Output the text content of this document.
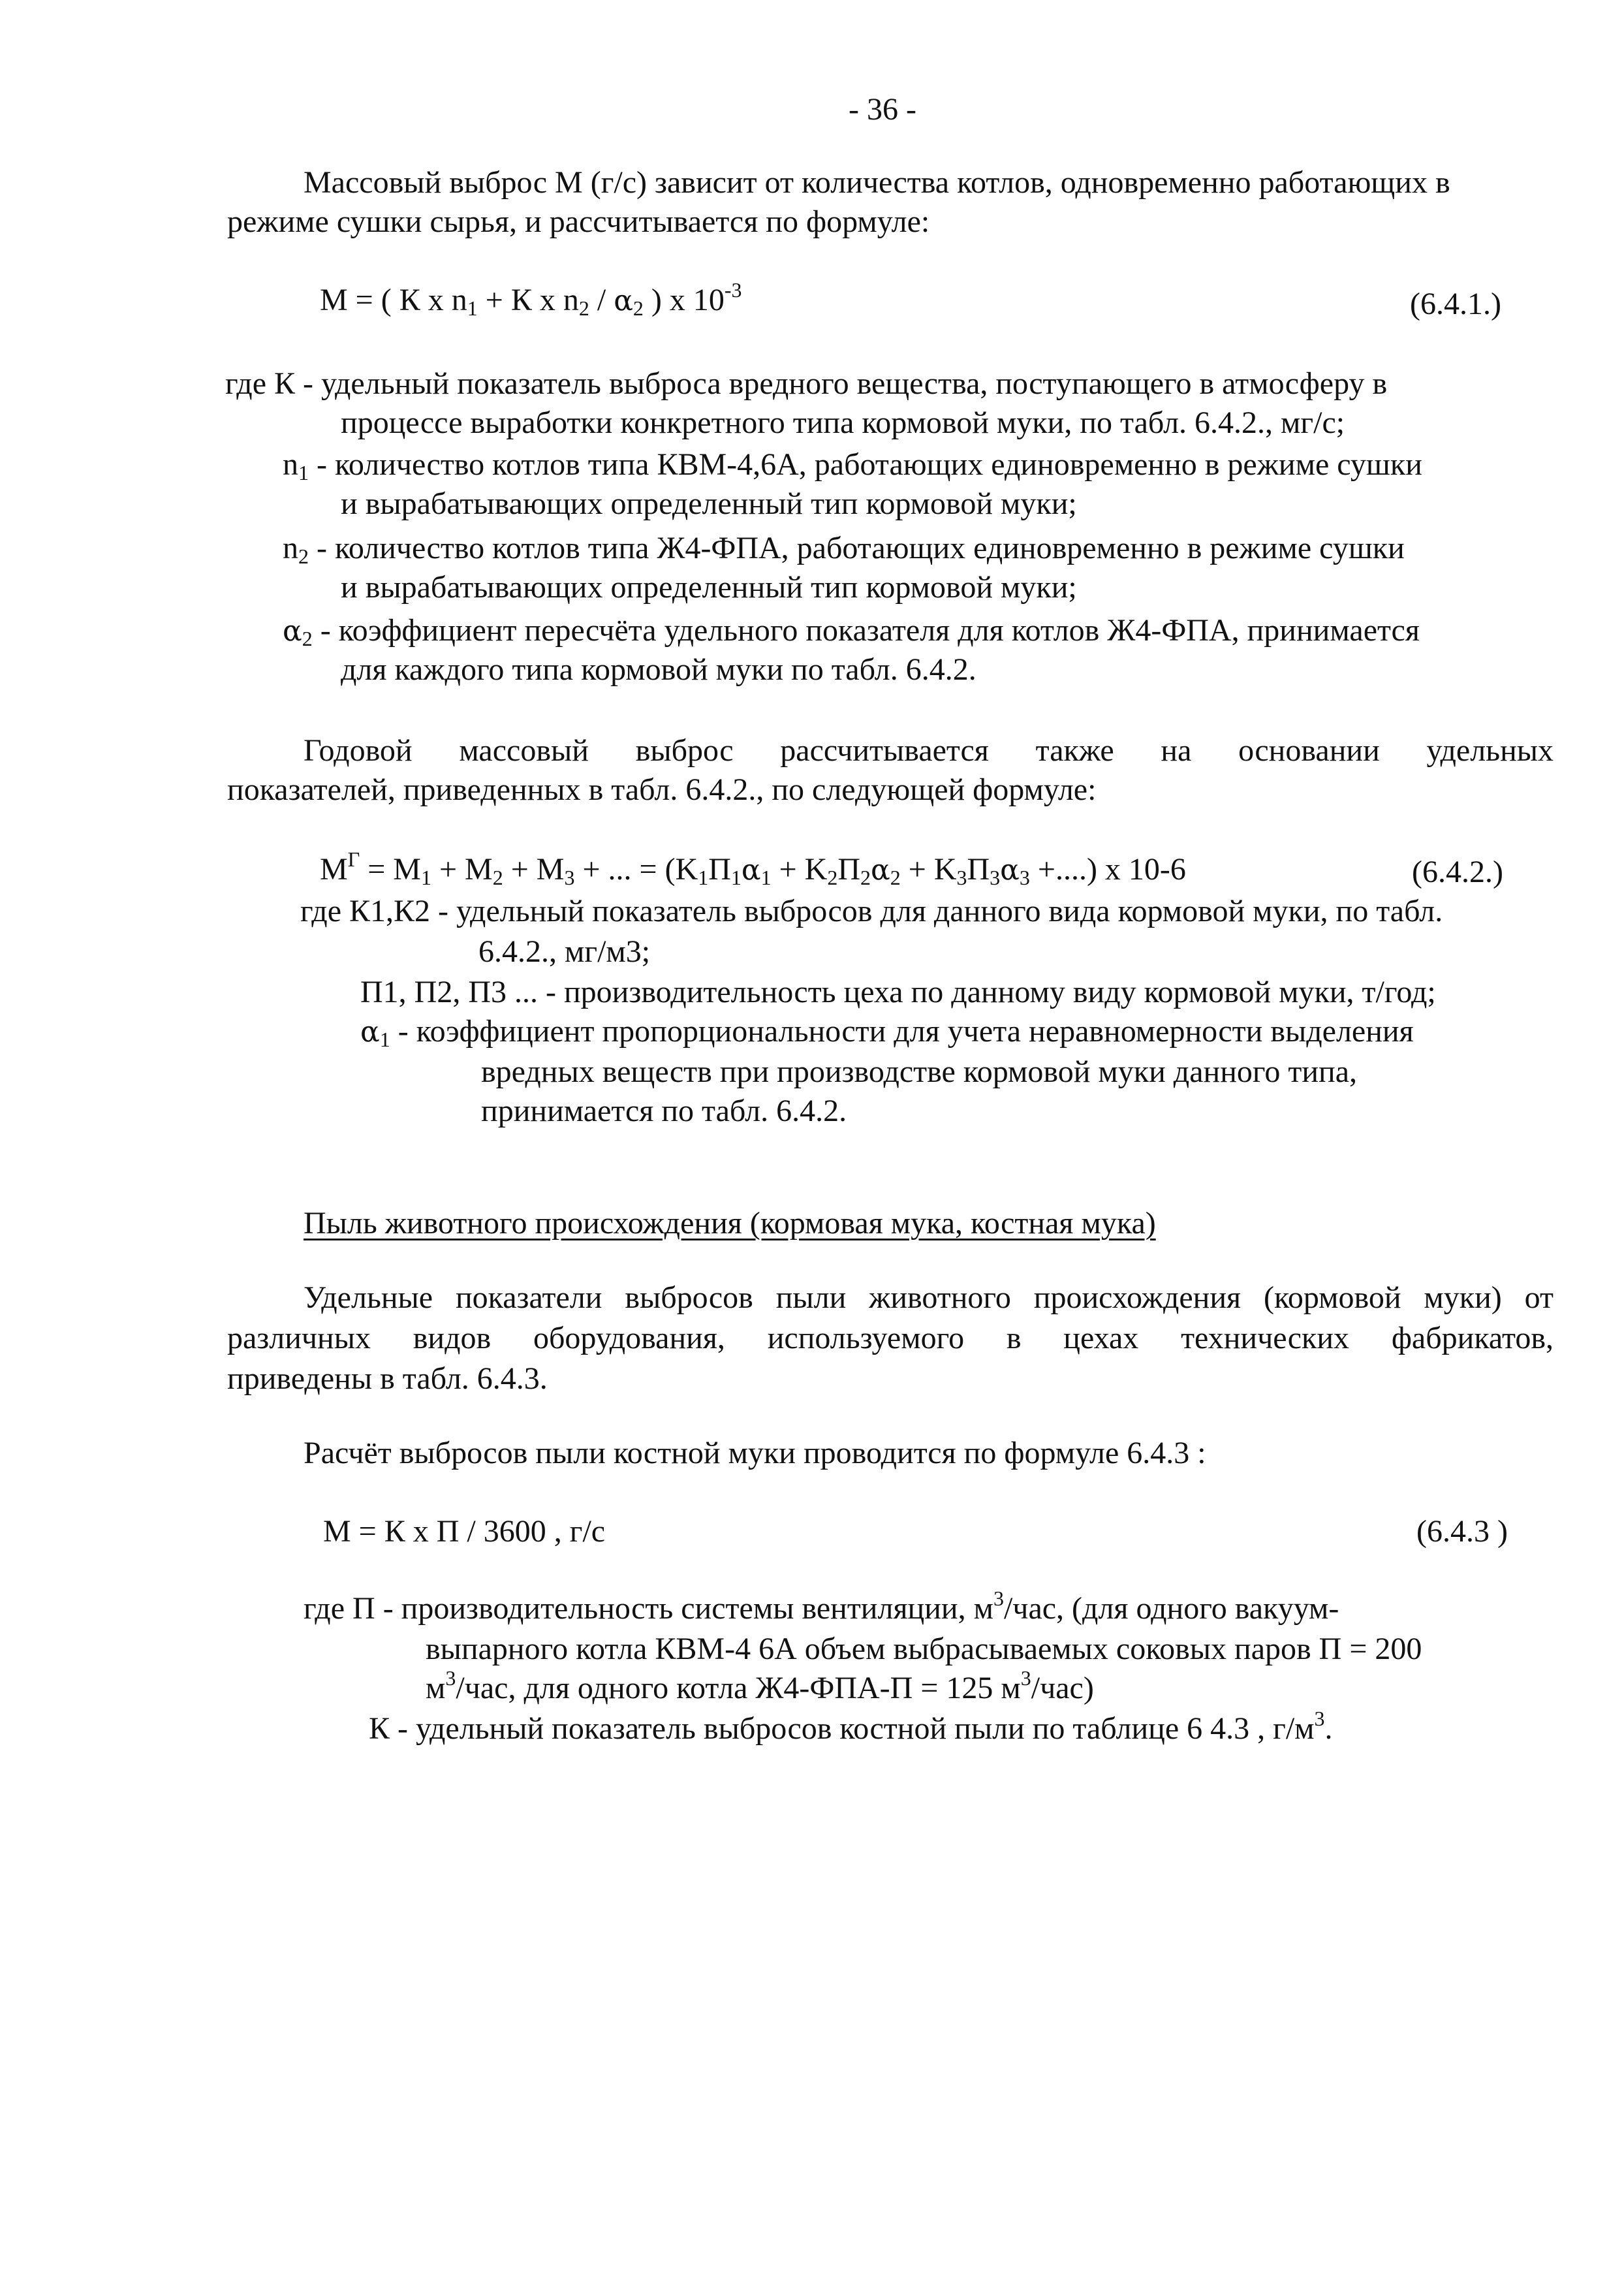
- 36 -
Массовый выброс М (г/с) зависит от количества котлов, одновременно работающих в
режиме сушки сырья, и рассчитывается по формуле:
М = ( К х $n_1 + К$ х $n_2 / \alpha_2$ ) х $10^{-3}$	(6.4.1.)
где К - удельный показатель выброса вредного вещества, поступающего в атмосферу в
процессе выработки конкретного типа кормовой муки, по табл. 6.4.2., мг/с;
$n_1$ - количество котлов типа КВМ-4,6А, работающих единовременно в режиме сушки
и вырабатывающих определенный тип кормовой муки;
$n_2$ - количество котлов типа Ж4-ФПА, работающих единовременно в режиме сушки
и вырабатывающих определенный тип кормовой муки;
$\alpha_2$ - коэффициент пересчёта удельного показателя для котлов Ж4-ФПА, принимается
для каждого типа кормовой муки по табл. 6.4.2.
Годовой массовый выброс рассчитывается также на основании удельных
показателей, приведенных в табл. 6.4.2., по следующей формуле:
$М^Г = M_1 + M_2 + M_3$ + ... = ($K_1П_1\alpha_1 + K_2П_2\alpha_2 + K_3П_3\alpha_3$ +....) х 10-6	(6.4.2.)
где К1,К2 - удельный показатель выбросов для данного вида кормовой муки, по табл.
6.4.2., мг/м3;
П1, П2, П3 ... - производительность цеха по данному виду кормовой муки, т/год;
$\alpha_1$ - коэффициент пропорциональности для учета неравномерности выделения
вредных веществ при производстве кормовой муки данного типа,
принимается по табл. 6.4.2.
Пыль животного происхождения (кормовая мука, костная мука)
Удельные показатели выбросов пыли животного происхождения (кормовой муки) от
различных видов оборудования, используемого в цехах технических фабрикатов,
приведены в табл. 6.4.3.
Расчёт выбросов пыли костной муки проводится по формуле 6.4.3 :
М = К х П / 3600 , г/с	(6.4.3 )
где П - производительность системы вентиляции, $м^3$/час, (для одного вакуум-
выпарного котла КВМ-4 6А объем выбрасываемых соковых паров П = 200
$м^3$/час, для одного котла Ж4-ФПА-П = 125 $м^3/час$)
К - удельный показатель выбросов костной пыли по таблице 6 4.3 , $г/м^3$.
